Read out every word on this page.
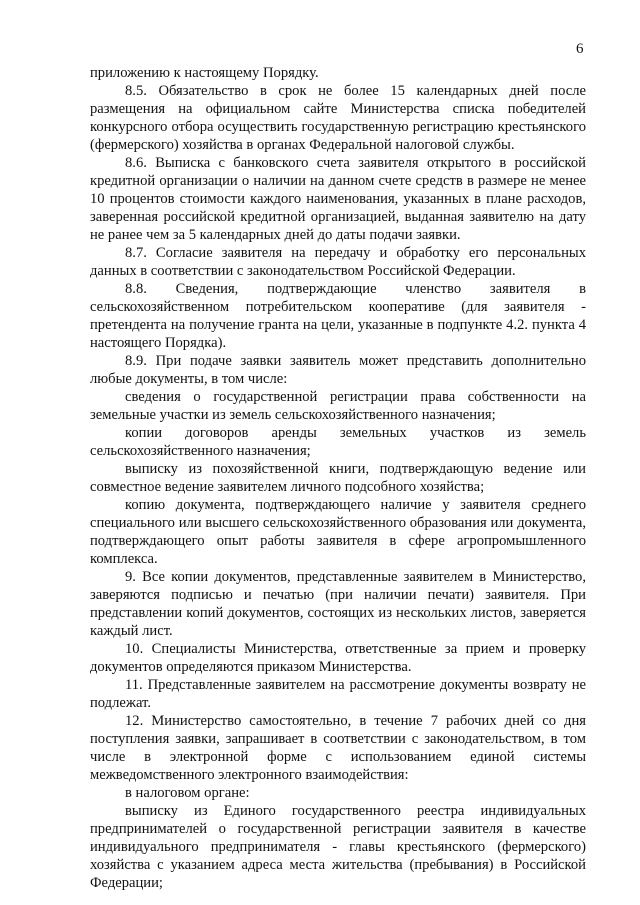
6

приложению к настоящему Порядку.

8.5. Обязательство в срок не более 15 календарных дней после размещения на официальном сайте Министерства списка победителей конкурсного отбора осуществить государственную регистрацию крестьянского (фермерского) хозяйства в органах Федеральной налоговой службы.

8.6. Выписка с банковского счета заявителя открытого в российской кредитной организации о наличии на данном счете средств в размере не менее 10 процентов стоимости каждого наименования, указанных в плане расходов, заверенная российской кредитной организацией, выданная заявителю на дату не ранее чем за 5 календарных дней до даты подачи заявки.

8.7. Согласие заявителя на передачу и обработку его персональных данных в соответствии с законодательством Российской Федерации.

8.8. Сведения, подтверждающие членство заявителя в сельскохозяйственном потребительском кооперативе (для заявителя - претендента на получение гранта на цели, указанные в подпункте 4.2. пункта 4 настоящего Порядка).

8.9. При подаче заявки заявитель может представить дополнительно любые документы, в том числе:

сведения о государственной регистрации права собственности на земельные участки из земель сельскохозяйственного назначения;

копии договоров аренды земельных участков из земель сельскохозяйственного назначения;

выписку из похозяйственной книги, подтверждающую ведение или совместное ведение заявителем личного подсобного хозяйства;

копию документа, подтверждающего наличие у заявителя среднего специального или высшего сельскохозяйственного образования или документа, подтверждающего опыт работы заявителя в сфере агропромышленного комплекса.

9. Все копии документов, представленные заявителем в Министерство, заверяются подписью и печатью (при наличии печати) заявителя. При представлении копий документов, состоящих из нескольких листов, заверяется каждый лист.

10. Специалисты Министерства, ответственные за прием и проверку документов определяются приказом Министерства.

11. Представленные заявителем на рассмотрение документы возврату не подлежат.

12. Министерство самостоятельно, в течение 7 рабочих дней со дня поступления заявки, запрашивает в соответствии с законодательством, в том числе в электронной форме с использованием единой системы межведомственного электронного взаимодействия:

в налоговом органе:

выписку из Единого государственного реестра индивидуальных предпринимателей о государственной регистрации заявителя в качестве индивидуального предпринимателя - главы крестьянского (фермерского) хозяйства с указанием адреса места жительства (пребывания) в Российской Федерации;
